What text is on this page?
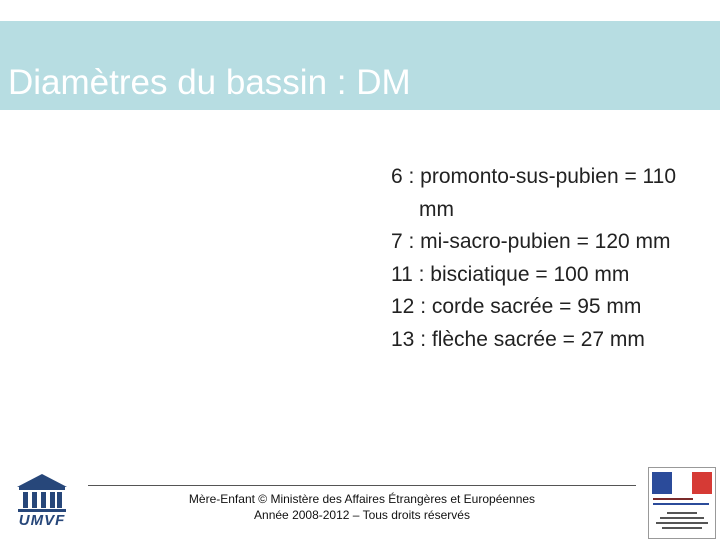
Diamètres du bassin : DM

6 : promonto-sus-pubien = 110 mm

7 : mi-sacro-pubien = 120 mm

11 : bisciatique = 100 mm

12 : corde sacrée = 95 mm

13 : flèche sacrée = 27 mm

UMVF
Mère-Enfant © Ministère des Affaires Étrangères et Européennes
Année 2008-2012 – Tous droits réservés
